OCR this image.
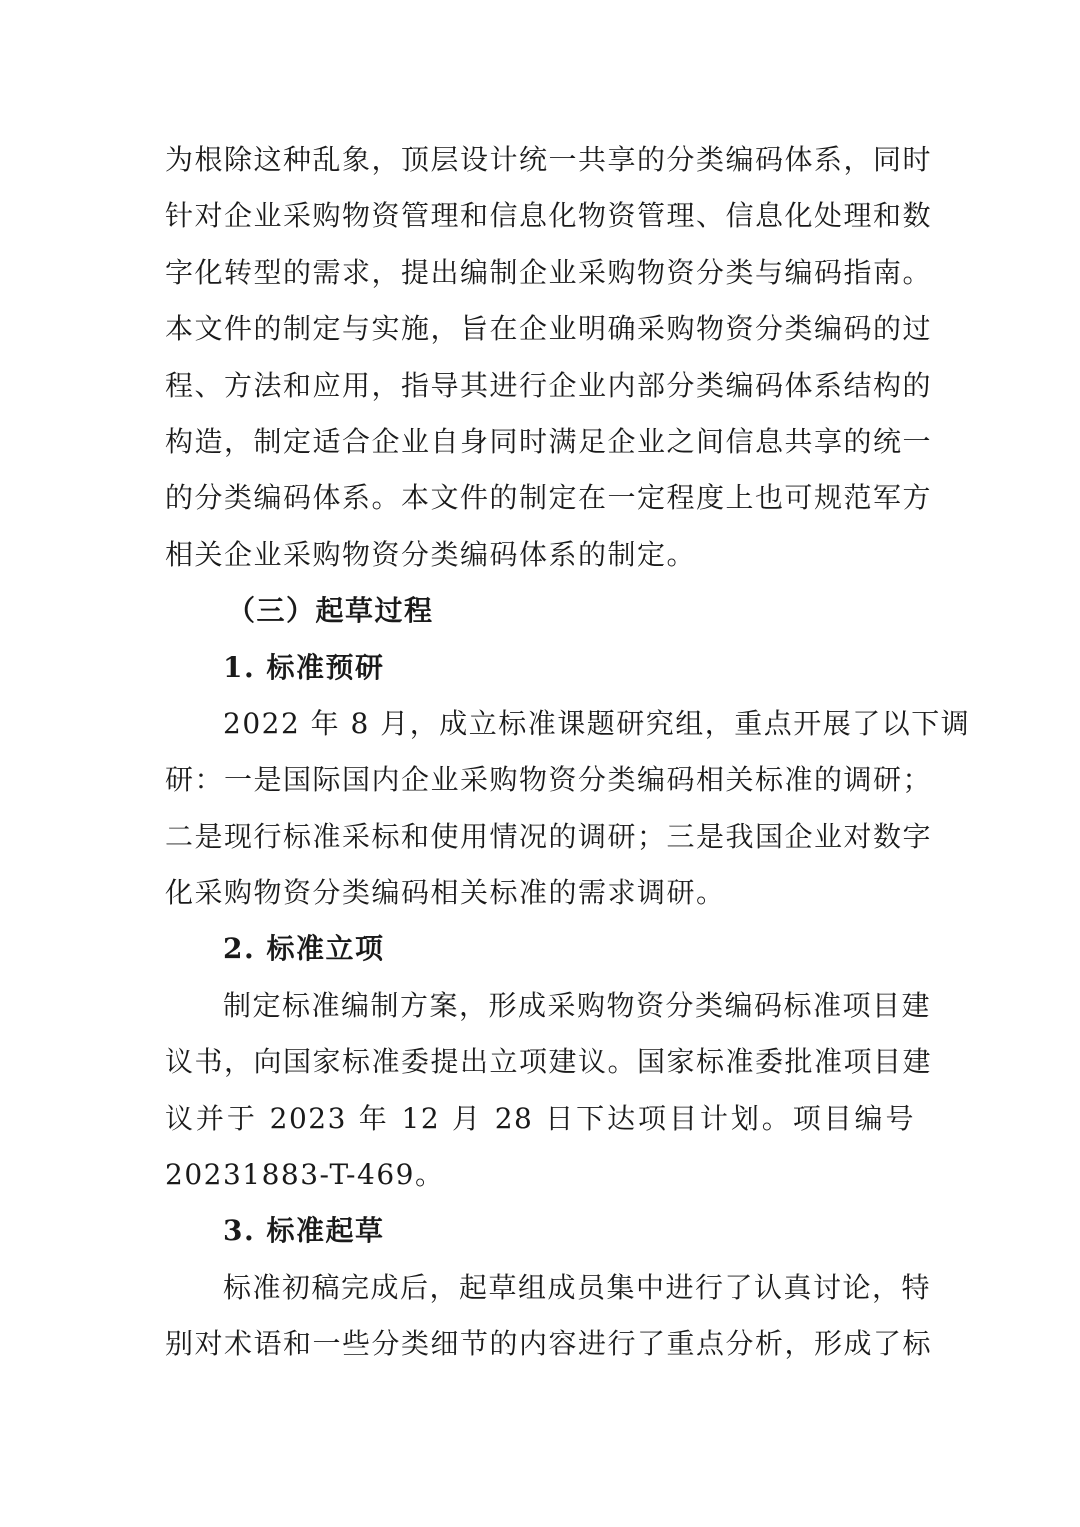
为根除这种乱象，顶层设计统一共享的分类编码体系，同时
针对企业采购物资管理和信息化物资管理、信息化处理和数
字化转型的需求，提出编制企业采购物资分类与编码指南。
本文件的制定与实施，旨在企业明确采购物资分类编码的过
程、方法和应用，指导其进行企业内部分类编码体系结构的
构造，制定适合企业自身同时满足企业之间信息共享的统一
的分类编码体系。本文件的制定在一定程度上也可规范军方
相关企业采购物资分类编码体系的制定。
（三）起草过程
1. 标准预研
2022 年 8 月，成立标准课题研究组，重点开展了以下调
研：一是国际国内企业采购物资分类编码相关标准的调研；
二是现行标准采标和使用情况的调研；三是我国企业对数字
化采购物资分类编码相关标准的需求调研。
2. 标准立项
制定标准编制方案，形成采购物资分类编码标准项目建
议书，向国家标准委提出立项建议。国家标准委批准项目建
议并于 2023 年 12 月 28 日下达项目计划。项目编号
20231883-T-469。
3. 标准起草
标准初稿完成后，起草组成员集中进行了认真讨论，特
别对术语和一些分类细节的内容进行了重点分析，形成了标
